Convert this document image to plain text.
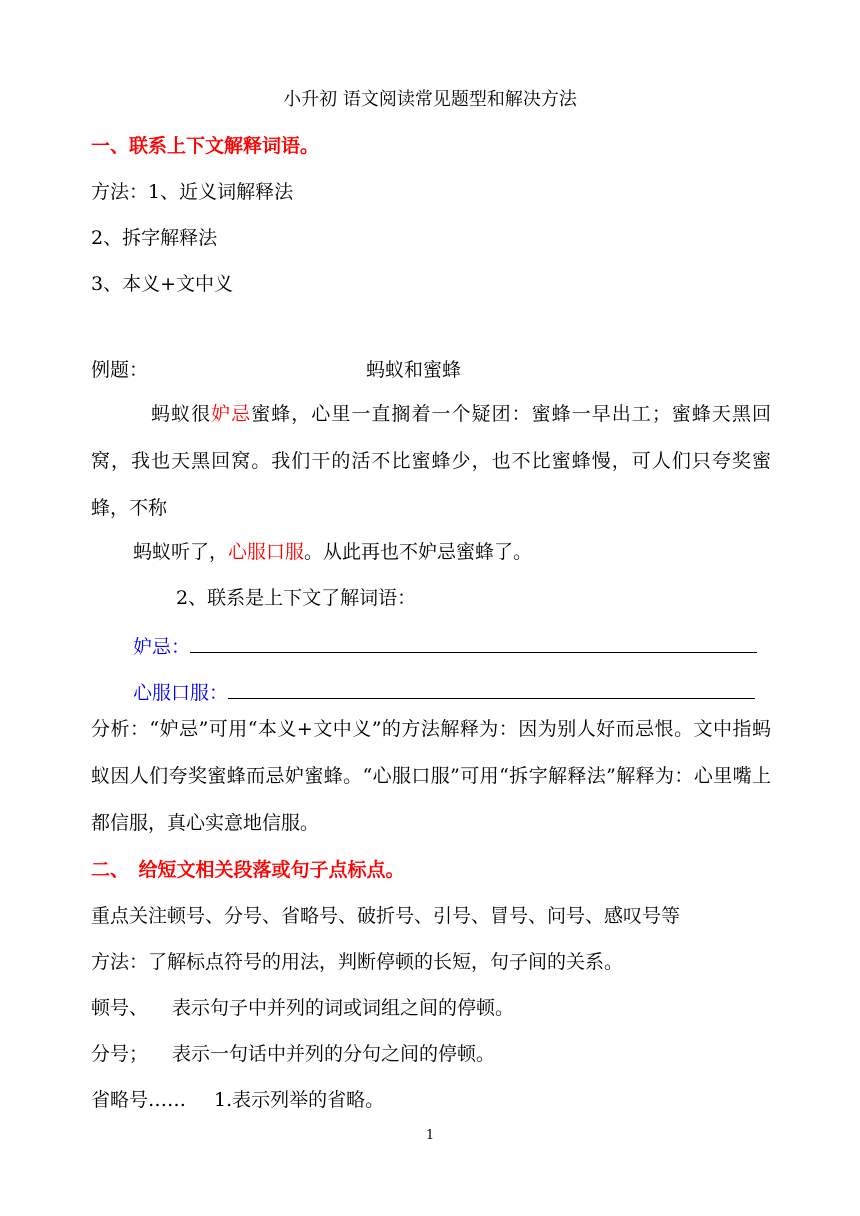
小升初 语文阅读常见题型和解决方法
一、联系上下文解释词语。
方法：1、近义词解释法
2、拆字解释法
3、本义+文中义
例题：	蚂蚁和蜜蜂
蚂蚁很妒忌蜜蜂，心里一直搁着一个疑团：蜜蜂一早出工；蜜蜂天黑回窝，我也天黑回窝。我们干的活不比蜜蜂少，也不比蜜蜂慢，可人们只夸奖蜜蜂，不称
蚂蚁听了，心服口服。从此再也不妒忌蜜蜂了。
2、联系是上下文了解词语：
妒忌：
心服口服：
分析：“妒忌”可用“本义+文中义”的方法解释为：因为别人好而忌恨。文中指蚂蚁因人们夸奖蜜蜂而忌妒蜜蜂。“心服口服”可用“拆字解释法”解释为：心里嘴上都信服，真心实意地信服。
二、　给短文相关段落或句子点标点。
重点关注顿号、分号、省略号、破折号、引号、冒号、问号、感叹号等
方法：了解标点符号的用法，判断停顿的长短，句子间的关系。
顿号、 表示句子中并列的词或词组之间的停顿。
分号； 表示一句话中并列的分句之间的停顿。
省略号…… 1.表示列举的省略。
1
